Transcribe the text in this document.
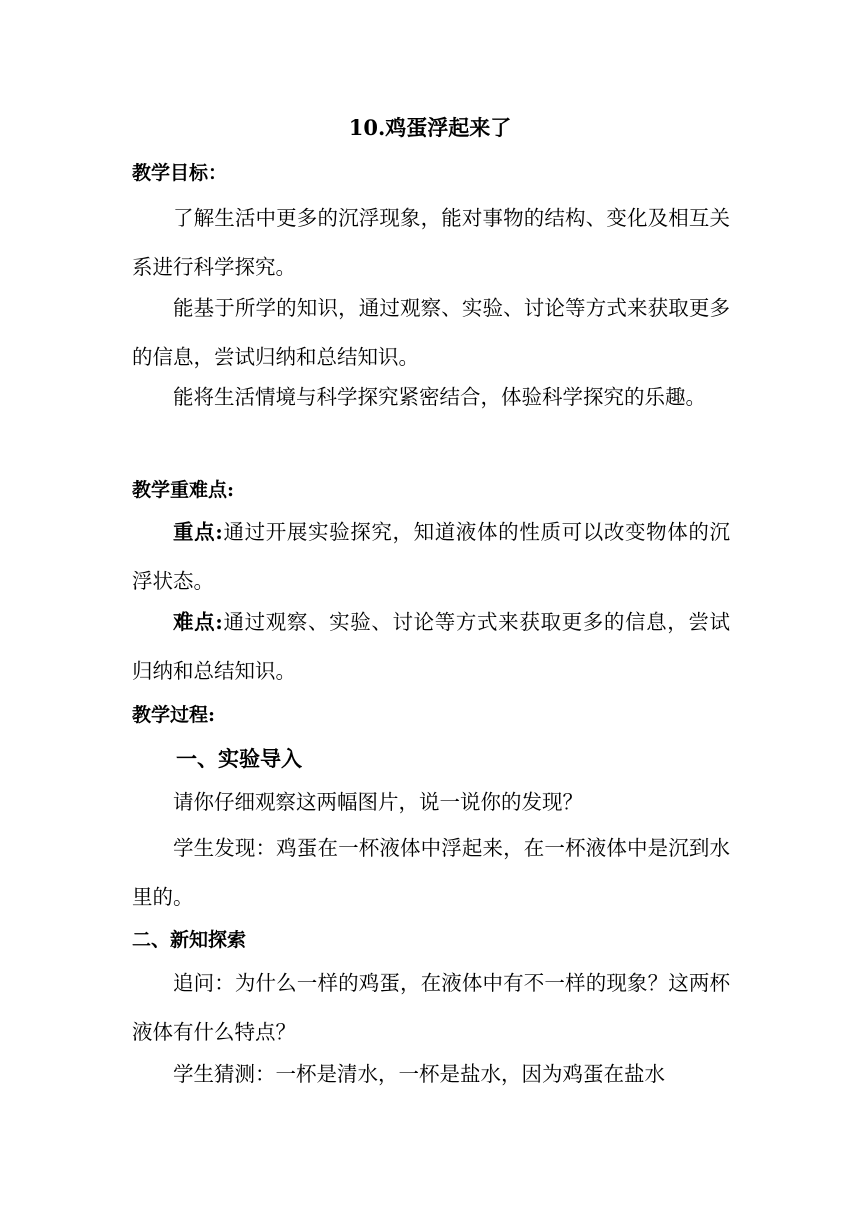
10.鸡蛋浮起来了
教学目标：
了解生活中更多的沉浮现象，能对事物的结构、变化及相互关系进行科学探究。
能基于所学的知识，通过观察、实验、讨论等方式来获取更多的信息，尝试归纳和总结知识。
能将生活情境与科学探究紧密结合，体验科学探究的乐趣。
教学重难点:
重点:通过开展实验探究，知道液体的性质可以改变物体的沉浮状态。
难点:通过观察、实验、讨论等方式来获取更多的信息，尝试归纳和总结知识。
教学过程:
一、实验导入
请你仔细观察这两幅图片，说一说你的发现？
学生发现：鸡蛋在一杯液体中浮起来，在一杯液体中是沉到水里的。
二、新知探索
追问：为什么一样的鸡蛋，在液体中有不一样的现象？这两杯液体有什么特点？
学生猜测：一杯是清水，一杯是盐水，因为鸡蛋在盐水
